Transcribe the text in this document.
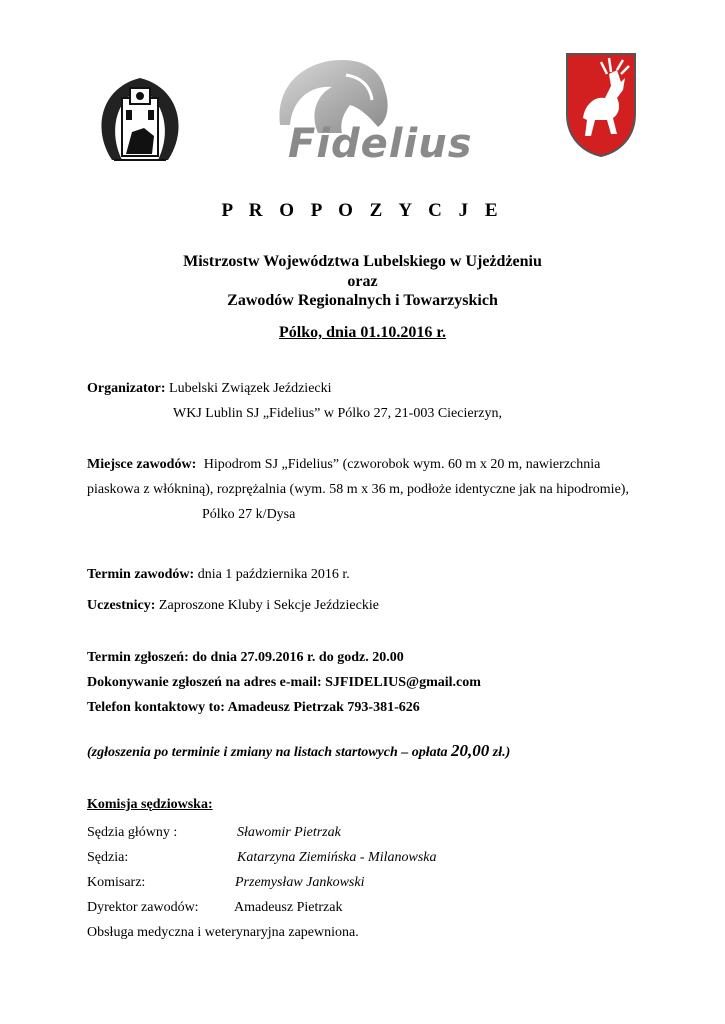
Fidelius
P R O P O Z Y C J E
Mistrzostw Województwa Lubelskiego w Ujeżdżeniu
oraz
Zawodów Regionalnych i Towarzyskich
Pólko, dnia 01.10.2016 r.
Organizator: Lubelski Związek Jeździecki
WKJ Lublin SJ „Fidelius” w Pólko 27, 21-003 Ciecierzyn,
Miejsce zawodów: Hipodrom SJ „Fidelius” (czworobok wym. 60 m x 20 m, nawierzchnia
piaskowa z włókniną), rozprężalnia (wym. 58 m x 36 m, podłoże identyczne jak na hipodromie),
Pólko 27 k/Dysa
Termin zawodów: dnia 1 października 2016 r.
Uczestnicy: Zaproszone Kluby i Sekcje Jeździeckie
Termin zgłoszeń: do dnia 27.09.2016 r. do godz. 20.00
Dokonywanie zgłoszeń na adres e-mail: SJFIDELIUS@gmail.com
Telefon kontaktowy to: Amadeusz Pietrzak 793-381-626
(zgłoszenia po terminie i zmiany na listach startowych – opłata 20,00 zł.)
Komisja sędziowska:
Sędzia główny :	Sławomir Pietrzak
Sędzia:	Katarzyna Ziemińska - Milanowska
Komisarz:	Przemysław Jankowski
Dyrektor zawodów:	Amadeusz Pietrzak
Obsługa medyczna i weterynaryjna zapewniona.
